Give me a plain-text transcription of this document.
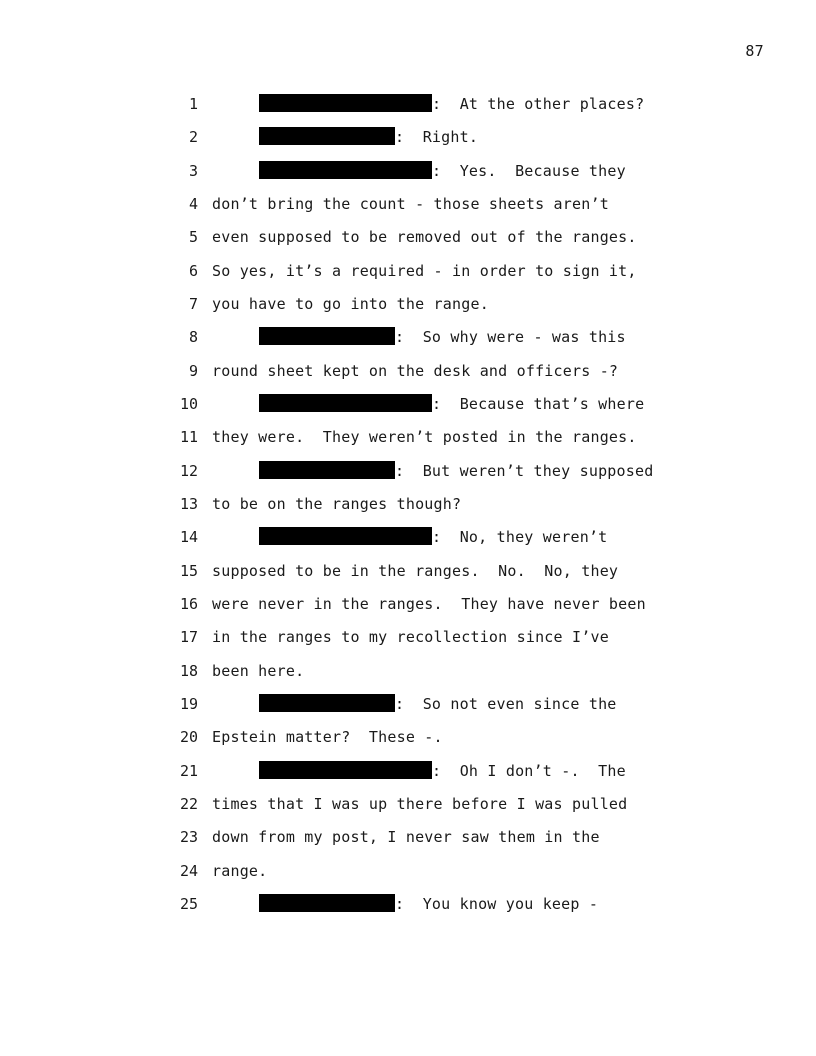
87
1	:  At the other places?
2	:  Right.
3	:  Yes.  Because they
4 don’t bring the count - those sheets aren’t
5 even supposed to be removed out of the ranges.
6 So yes, it’s a required - in order to sign it,
7 you have to go into the range.
8	:  So why were - was this
9 round sheet kept on the desk and officers -?
10	:  Because that’s where
11 they were.  They weren’t posted in the ranges.
12	:  But weren’t they supposed
13 to be on the ranges though?
14	:  No, they weren’t
15 supposed to be in the ranges.  No.  No, they
16 were never in the ranges.  They have never been
17 in the ranges to my recollection since I’ve
18 been here.
19	:  So not even since the
20 Epstein matter?  These -.
21	:  Oh I don’t -.  The
22 times that I was up there before I was pulled
23 down from my post, I never saw them in the
24 range.
25	:  You know you keep -
